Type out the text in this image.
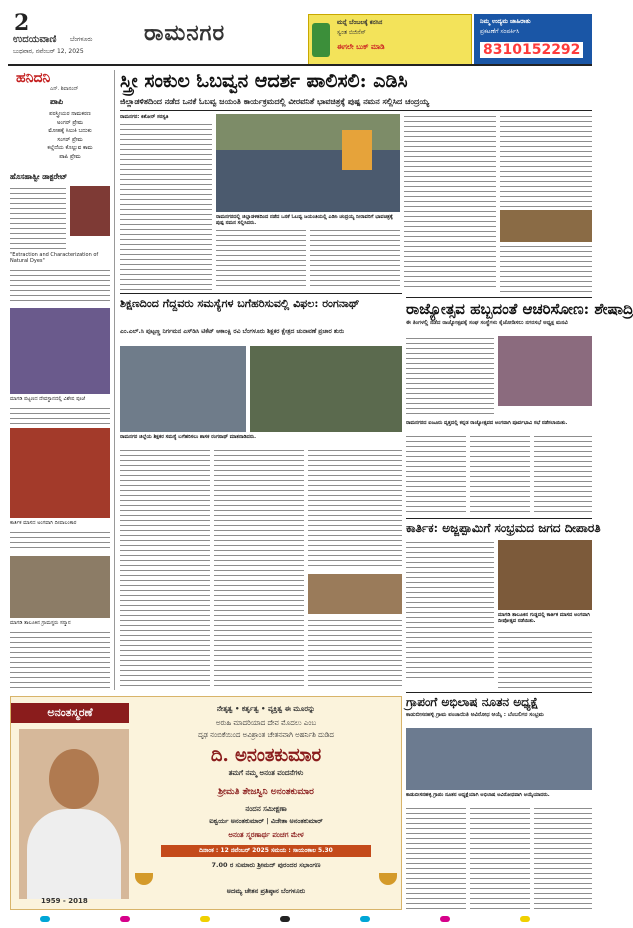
2
ಉದಯವಾಣಿ ಬೆಂಗಳೂರು
ಬುಧವಾರ, ನವೆಂಬರ್ 12, 2025
ರಾಮನಗರ	ಮನ್ನೆ ಬೆಂಬಲಕ್ಕೆ ಕನಸಿನ
ಸ್ವಂತ ಬಿಜಿನೆಸ್
ಈಗಲೇ ಬುಕ್ ಮಾಡಿ
ನಿಮ್ಮ ಉದ್ಯಮ ಜಾಹಿರಾತು
ಪ್ರಕಟಣೆಗೆ ಸಂಪರ್ಕಿಸಿ
8310152292
ಹನಿದನಿ
ಎನ್. ಶಿವಾನಂದ್
ಪಾಪಿ
ಪರಸ್ತ್ರೀಯರ ನಾಮಕರಣ
ಅಂಗರ್ ಪ್ರೇಮ
ಮೋಹಕ್ಕೆ ಸಿಲುಕಿ ಬದುಕು
ಸಂಗರ್ ಪ್ರೇಮ
ಕಲ್ಲೆದೆಯ ಕೊಲ್ಲುವ ಕಾಮ
ಪಾಪಿ ಪ್ರೇಮ
ಹೊಸಹಾತ್ವೀ ಡಾಕ್ಟರೇಟ್
"Extraction and Characterization of Natural Dyes"
ಮಾಗಡಿ ಪಟ್ಟಣದ ದೇವಸ್ಥಾನದಲ್ಲಿ ವಿಶೇಷ ಪೂಜೆ
ಕಾರ್ತಿಕ ಮಾಸದ ಅಂಗವಾಗಿ ದೀಪಾಲಂಕಾರ
ಮಾಗಡಿ ತಾಲೂಕಿನ ಗ್ರಾಮಸ್ಥರು ಸನ್ಮಾನ
ಸ್ತ್ರೀ ಸಂಕುಲ ಓಬವ್ವನ ಆದರ್ಶ ಪಾಲಿಸಲಿ: ಎಡಿಸಿ
ಜಿಲ್ಲಾಡಳಿತದಿಂದ ನಡೆದ ಒನಕೆ ಓಬವ್ವ ಜಯಂತಿ ಕಾರ್ಯಕ್ರಮದಲ್ಲಿ ವೀರವನಿತೆ ಭಾವಚಿತ್ರಕ್ಕೆ ಪುಷ್ಪ ನಮನ ಸಲ್ಲಿಸಿದ ಚಂದ್ರಯ್ಯ
ರಾಮನಗರ: ಕಿಶೋರ್ ಸರಸ್ವತಿ
ರಾಮನಗರದಲ್ಲಿ ಜಿಲ್ಲಾಡಳಿತದಿಂದ ನಡೆದ ಒನಕೆ ಓಬವ್ವ ಜಯಂತಿಯಲ್ಲಿ ಎಡಿಸಿ ಚಂದ್ರಯ್ಯ ನೀರಾವರಿಗೆ ಭಾವಚಿತ್ರಕ್ಕೆ ಪುಷ್ಪ ನಮನ ಸಲ್ಲಿಸಿದರು.
ಶಿಕ್ಷಣದಿಂದ ಗೆದ್ದವರು ಸಮಸ್ಯೆಗಳ ಬಗೆಹರಿಸುವಲ್ಲಿ ವಿಫಲ: ರಂಗನಾಥ್
ಎಂ.ಎಲ್.ಸಿ ಪುಟ್ಟಣ್ಣ ನಿರ್ಗಮನ ಎಸ್‌ಡಿಸಿ ಟಿಕೆಟ್ ಆಕಾಂಕ್ಷಿ ರವಿ ಬೆಂಗಳೂರು ಶಿಕ್ಷಕರ ಕ್ಷೇತ್ರದ ಚುನಾವಣೆ ಪ್ರಚಾರ ಶುರು
ರಾಮನಗರ ಜಿಲ್ಲೆಯ ಶಿಕ್ಷಕರ ಸಮಸ್ಯೆ ಬಗೆಹರಿಸಲು ಶಾಸಕ ರಂಗನಾಥ್ ಮಾತನಾಡಿದರು.
ರಾಜ್ಯೋತ್ಸವ ಹಬ್ಬದಂತೆ ಆಚರಿಸೋಣ: ಶೇಷಾದ್ರಿ
ಈ ತಿಂಗಳಲ್ಲಿ ನಡೆದ ರಾಜ್ಯೋತ್ಸವಕ್ಕೆ ಸಂಘ ಸಂಸ್ಥೆಗಳು ಕೈಜೋಡಿಸಲು ನಗರಸಭೆ ಅಧ್ಯಕ್ಷ ಮನವಿ
ರಾಮನಗರದ ಐಜೂರು ವೃತ್ತದಲ್ಲಿ ಕನ್ನಡ ರಾಜ್ಯೋತ್ಸವದ ಅಂಗವಾಗಿ ಪೂರ್ವಭಾವಿ ಸಭೆ ನಡೆಸಲಾಯಿತು.
ಕಾರ್ತಿಕ: ಅಜ್ಜಪ್ಪಾಮಿಗೆ ಸಂಭ್ರಮದ ಜಗದ ದೀಪಾರತಿ
ಮಾಗಡಿ ತಾಲೂಕಿನ ಗುಡ್ಡದಲ್ಲಿ ಕಾರ್ತಿಕ ಮಾಸದ ಅಂಗವಾಗಿ ದೀಪೋತ್ಸವ ನಡೆಯಿತು.
ಗ್ರಾಪಂಗೆ ಅಭಿಲಾಷ ನೂತನ ಅಧ್ಯಕ್ಷೆ
ಕಾಡುಬೀಸನಹಳ್ಳಿ ಗ್ರಾಮ ಪಂಚಾಯಿತಿ ಅವಿರೋಧ ಆಯ್ಕೆ : ಬೆಂಬಲಿಗರ ಸಂಭ್ರಮ
ಕಾಡುಬೀಸನಹಳ್ಳಿ ಗ್ರಾಪಂ ನೂತನ ಅಧ್ಯಕ್ಷೆಯಾಗಿ ಅಭಿಲಾಷ ಅವಿರೋಧವಾಗಿ ಆಯ್ಕೆಯಾದರು.
ಅನಂತಸ್ಮರಣೆ
1959 - 2018
ನೇತೃತ್ವ • ಕರ್ತೃತ್ವ • ವ್ಯಕ್ತಿತ್ವ ಈ ಮೂರನ್ನು
ಅರುಹಿ ಮಾದರಿಯಾದ ದೇವ ಮೊದಲು ಎಂಬ
ದೃಢ ನಂಬಿಕೆಯಿಂದ ಅವಿಶ್ರಾಂತ ಚೇತನವಾಗಿ ಅಹರ್ನಿಶಿ ದುಡಿದ
ದಿ. ಅನಂತಕುಮಾರ
ತಮಗೆ ನಮ್ಮ ಅನಂತ ವಂದನೆಗಳು
ಶ್ರೀಮತಿ ತೇಜಸ್ವಿನಿ ಅನಂತಕುಮಾರ
ನಂದನ ಸಮೀಕ್ಷಣಾ
ಐಶ್ವರ್ಯ ಅನಂತಕುಮಾರ್ | ವಿಜೇತಾ ಅನಂತಕುಮಾರ್
ಅನಂತ ಸ್ಮರಣಾರ್ಥ ಪಂಚಗ ಮೇಳ
ದಿನಾಂಕ : 12 ನವೆಂಬರ್ 2025 ಸಮಯ : ಸಾಯಂಕಾಲ 5.30
7.00 ರ ಸುಮಾರು ಶ್ರೀಮದ್ ಪುರಂದರ ಸಭಾಂಗಣ
ಅದಮ್ಯ ಚೇತನ ಪ್ರತಿಷ್ಠಾನ ಬೆಂಗಳೂರು
